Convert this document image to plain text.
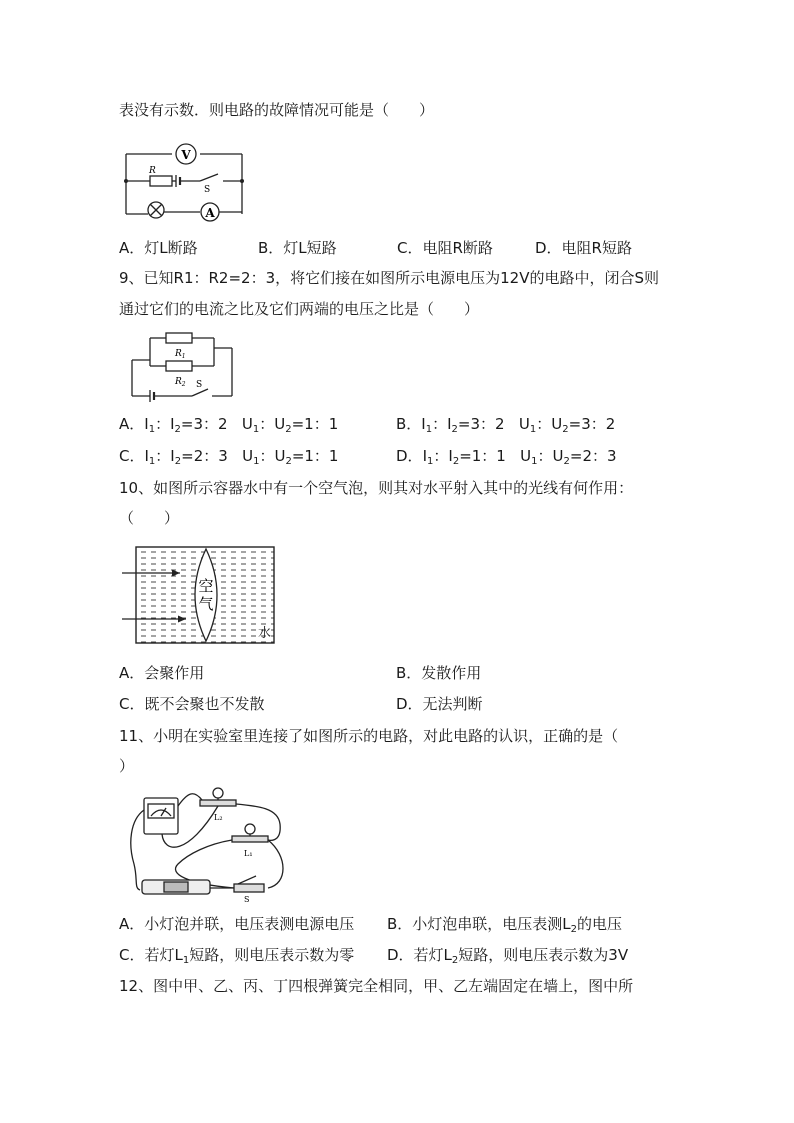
表没有示数．则电路的故障情况可能是（　　）
V
A
R
S
A．灯L断路	B．灯L短路	C．电阻R断路	D．电阻R短路
9、已知R1：R2=2：3，将它们接在如图所示电源电压为12V的电路中，闭合S则
通过它们的电流之比及它们两端的电压之比是（　　）
$R_1$
$R_2$ S
A．$I_1$：$I_2=3$：2   $U_1$：$U_2=1$：1	B．$I_1$：$I_2=3$：2   $U_1$：$U_2=3$：2
C．$I_1$：$I_2=2$：3   $U_1$：$U_2=1$：1	D．$I_1$：$I_2=1$：1   $U_1$：$U_2=2$：3
10、如图所示容器水中有一个空气泡，则其对水平射入其中的光线有何作用：
（　　）
空
气
水
A．会聚作用	B．发散作用
C．既不会聚也不发散	D．无法判断
11、小明在实验室里连接了如图所示的电路，对此电路的认识，正确的是（
）
L₂
L₁
S
A．小灯泡并联，电压表测电源电压 B．小灯泡串联，电压表测$L_2$的电压
C．若灯$L_1$短路，则电压表示数为零 D．若灯$L_2$短路，则电压表示数为3V
12、图中甲、乙、丙、丁四根弹簧完全相同，甲、乙左端固定在墙上，图中所
